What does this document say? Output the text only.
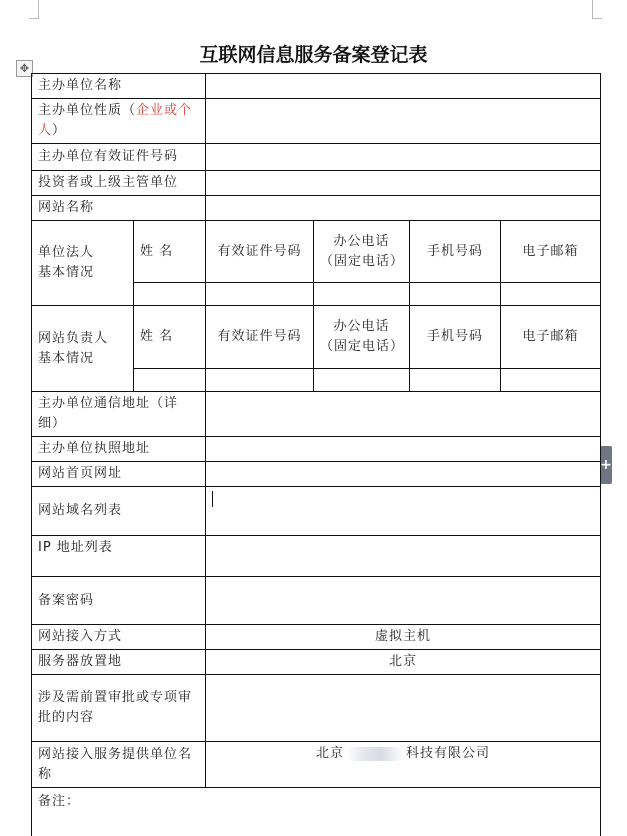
互联网信息服务备案登记表
✥
+
主办单位名称					
主办单位性质（企业或个人）					
主办单位有效证件号码					
投资者或上级主管单位					
网站名称					
单位法人
基本情况	姓 名	有效证件号码	办公电话（固定电话）	手机号码	电子邮箱

网站负责人
基本情况	姓 名	有效证件号码	办公电话（固定电话）	手机号码	电子邮箱

主办单位通信地址（详细）					
主办单位执照地址					
网站首页网址					
网站域名列表					
IP 地址列表					
备案密码					
网站接入方式		虚拟主机			
服务器放置地		北京			
涉及需前置审批或专项审批的内容					
网站接入服务提供单位名称		北京 科技有限公司			
备注：					
